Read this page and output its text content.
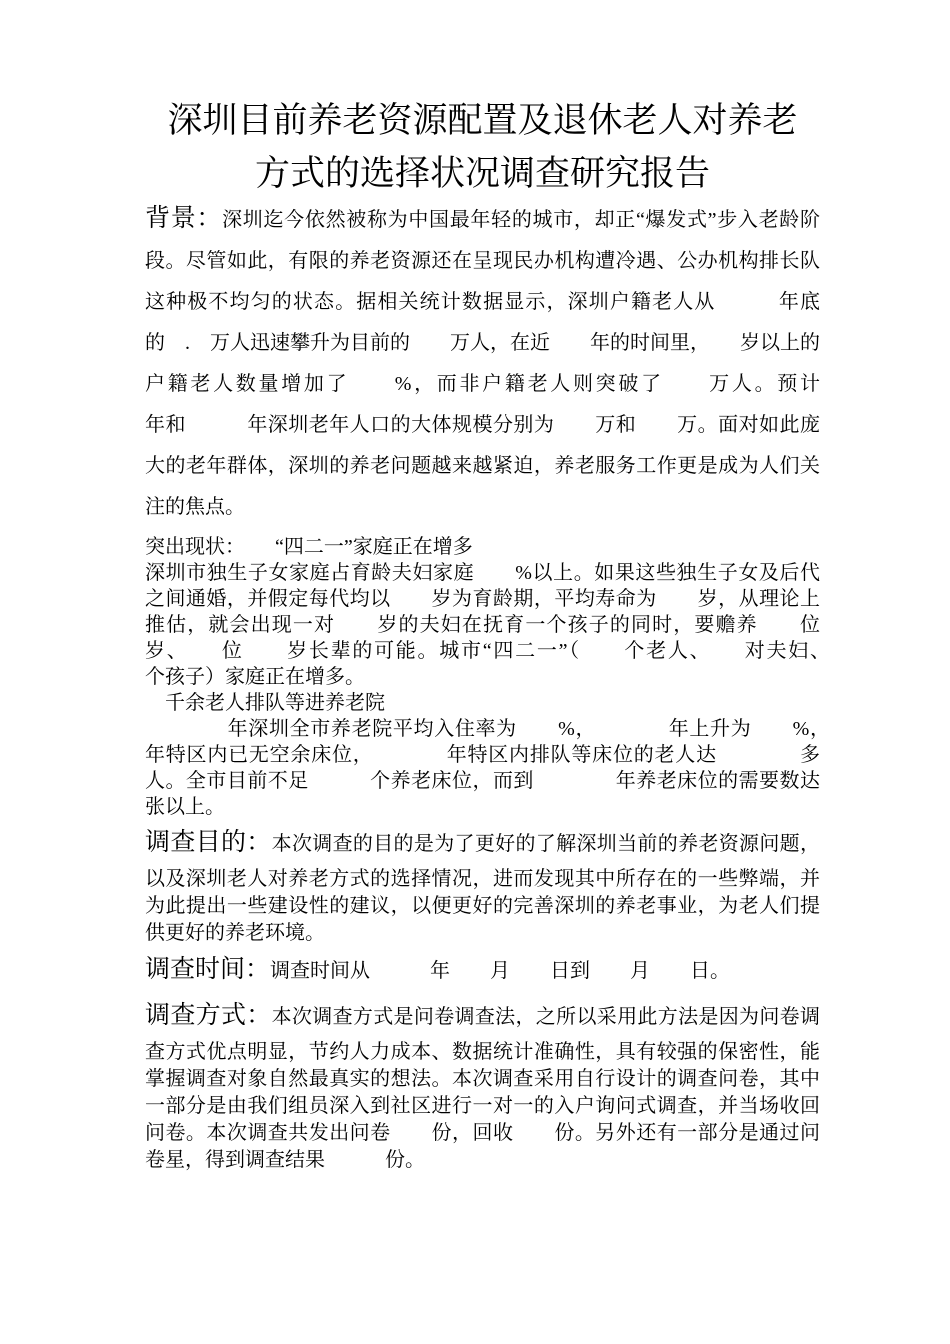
深圳目前养老资源配置及退休老人对养老
方式的选择状况调查研究报告

背景：深圳迄今依然被称为中国最年轻的城市，却正“爆发式”步入老龄阶段。尽管如此，有限的养老资源还在呈现民办机构遭冷遇、公办机构排长队这种极不均匀的状态。据相关统计数据显示，深圳户籍老人从　　　年底的　.　万人迅速攀升为目前的　　万人，在近　　年的时间里，　　岁以上的户籍老人数量增加了　　%，而非户籍老人则突破了　　万人。预计　　　年和　　　年深圳老年人口的大体规模分别为　　万和　　万。面对如此庞大的老年群体，深圳的养老问题越来越紧迫，养老服务工作更是成为人们关注的焦点。

突出现状：　　“四二一”家庭正在增多

深圳市独生子女家庭占育龄夫妇家庭　　%以上。如果这些独生子女及后代之间通婚，并假定每代均以　　岁为育龄期，平均寿命为　　岁，从理论上推估，就会出现一对　　岁的夫妇在抚育一个孩子的同时，要赡养　　位　　岁、　　位　　岁长辈的可能。城市“四二一”（　　个老人、　　对夫妇、　　个孩子）家庭正在增多。

　千余老人排队等进养老院

　　　　年深圳全市养老院平均入住率为　　%，　　　　年上升为　　%，　　　　年特区内已无空余床位，　　　　年特区内排队等床位的老人达　　　　多人。全市目前不足　　　个养老床位，而到　　　　年养老床位的需要数达　　　　张以上。

调查目的：本次调查的目的是为了更好的了解深圳当前的养老资源问题，以及深圳老人对养老方式的选择情况，进而发现其中所存在的一些弊端，并为此提出一些建设性的建议，以便更好的完善深圳的养老事业，为老人们提供更好的养老环境。

调查时间：调查时间从　　　年　　月　　日到　　月　　日。

调查方式：本次调查方式是问卷调查法，之所以采用此方法是因为问卷调查方式优点明显，节约人力成本、数据统计准确性，具有较强的保密性，能掌握调查对象自然最真实的想法。本次调查采用自行设计的调查问卷，其中一部分是由我们组员深入到社区进行一对一的入户询问式调查，并当场收回问卷。本次调查共发出问卷　　份，回收　　份。另外还有一部分是通过问卷星，得到调查结果　　　份。
